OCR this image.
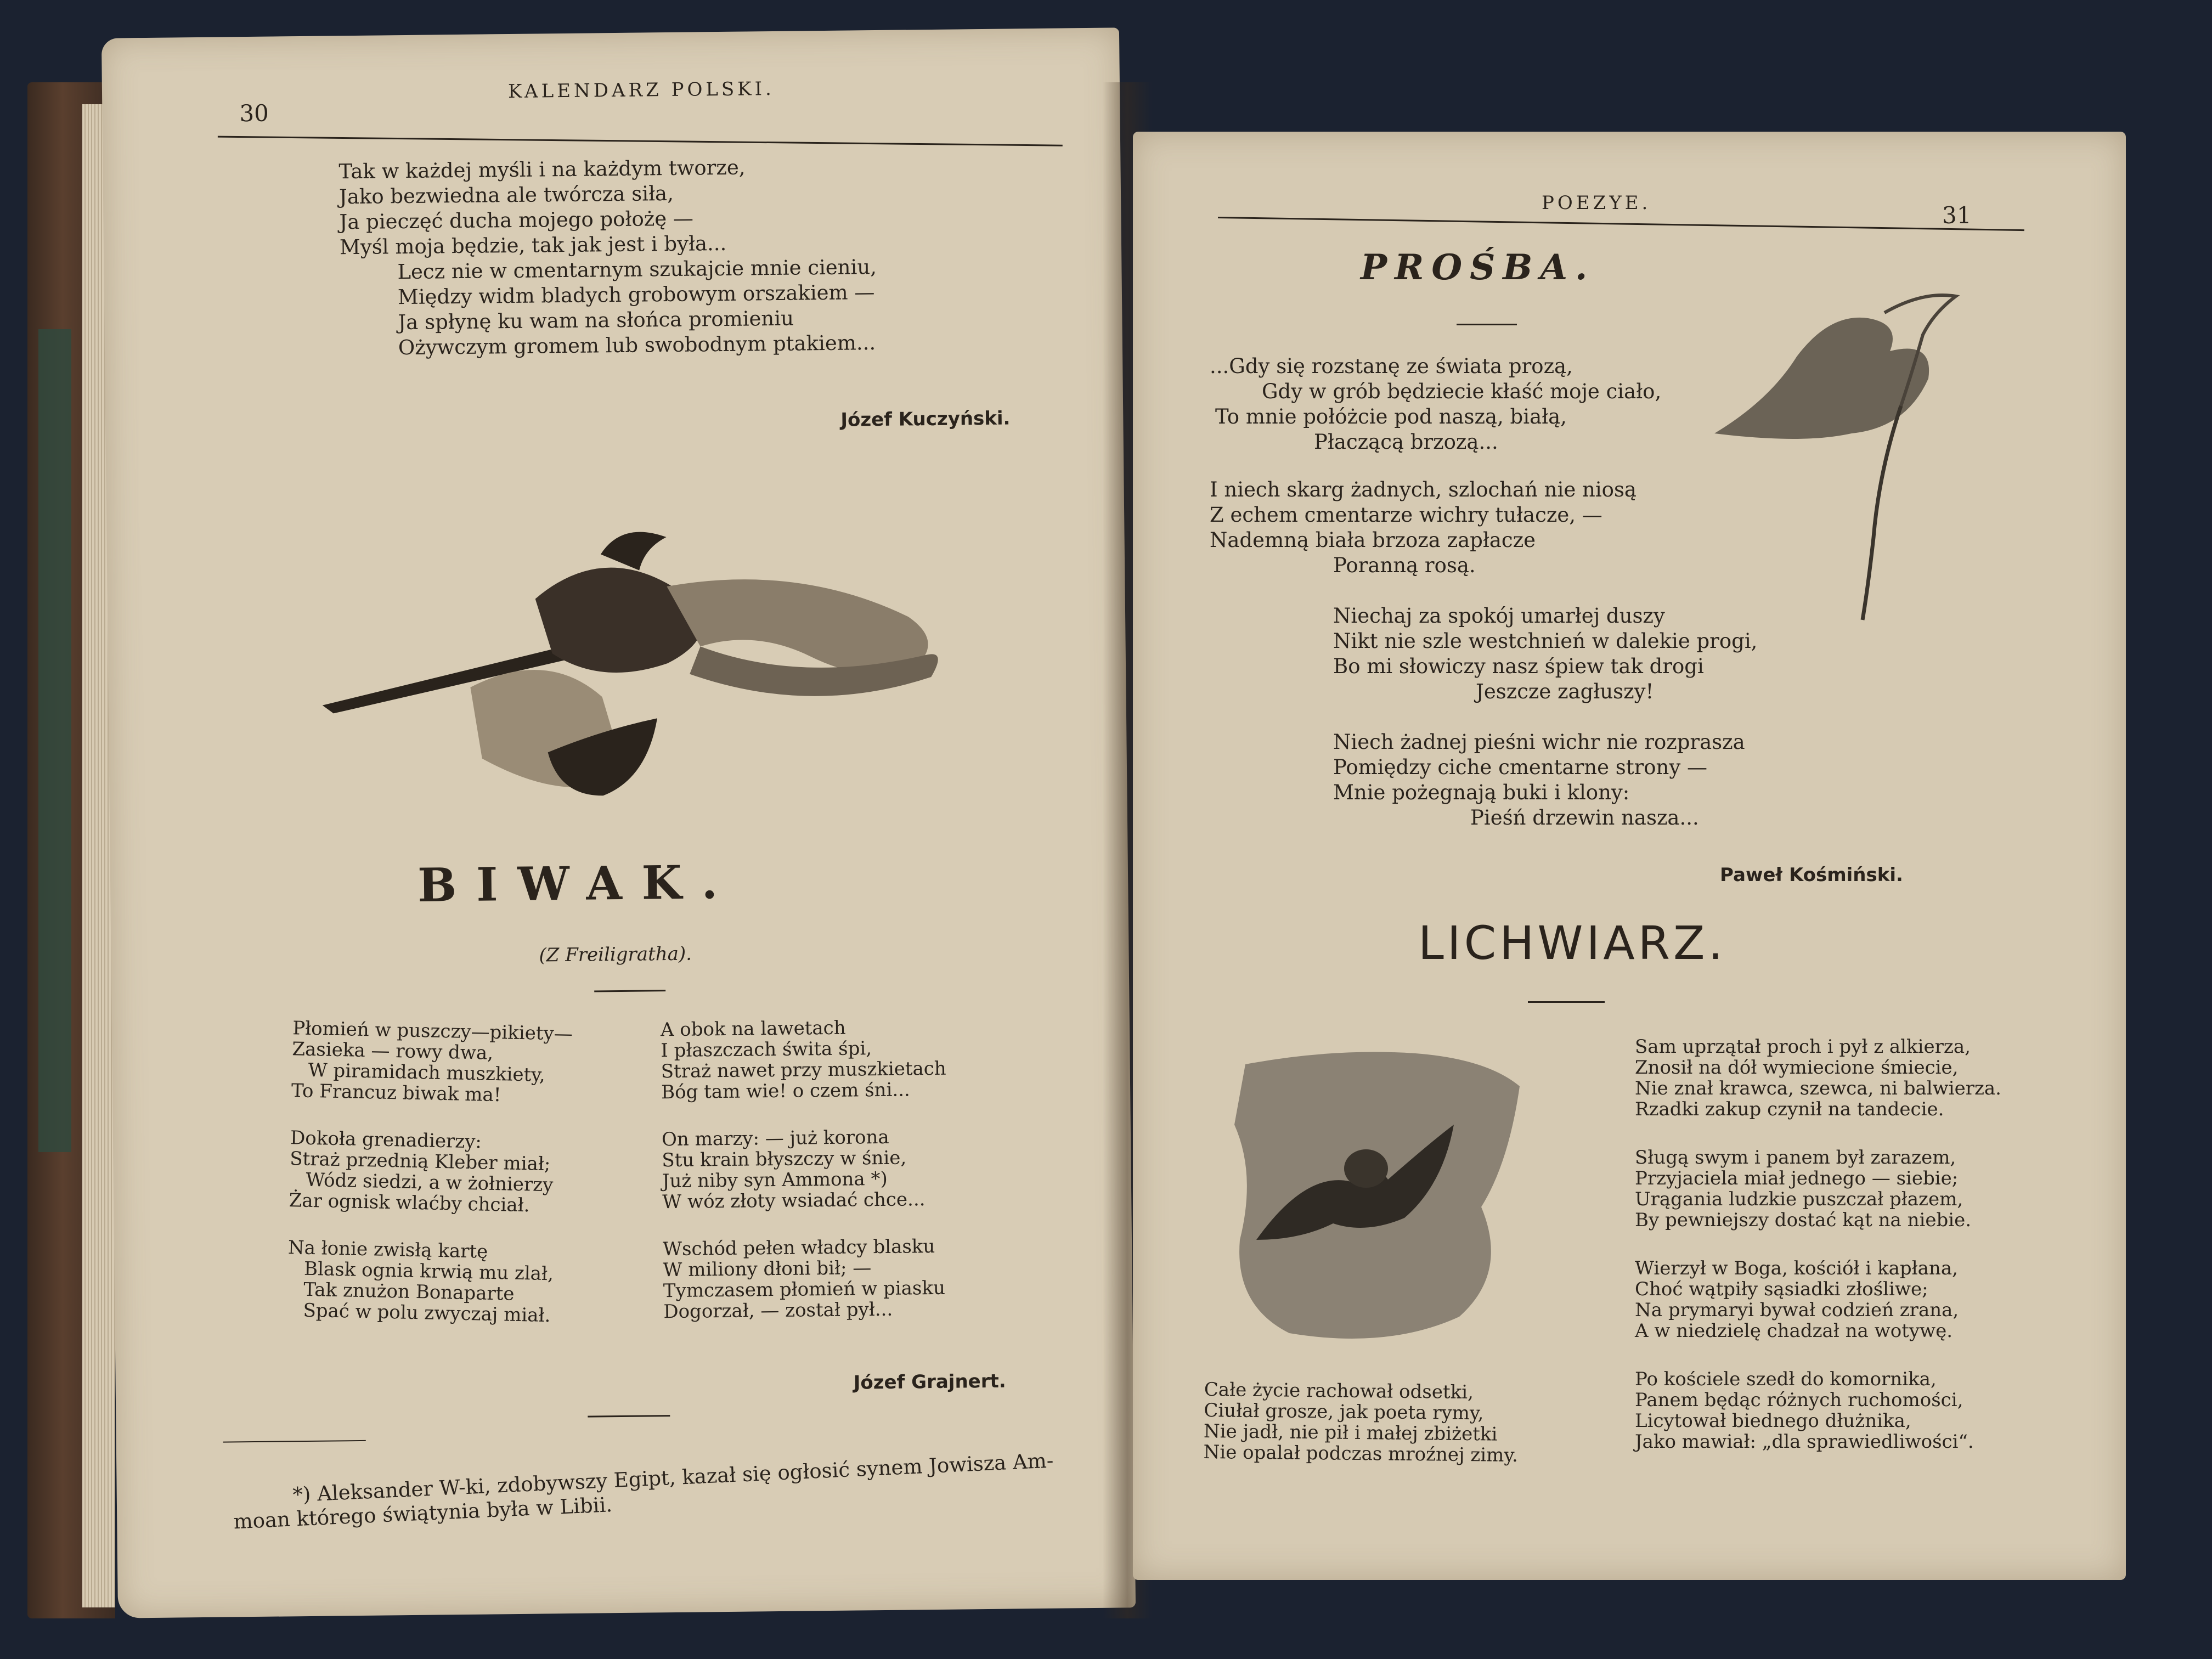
30
KALENDARZ POLSKI.
Tak w każdej myśli i na każdym tworze,
Jako bezwiedna ale twórcza siła,
Ja pieczęć ducha mojego położę —
Myśl moja będzie, tak jak jest i była...
Lecz nie w cmentarnym szukajcie mnie cieniu,
Między widm bladych grobowym orszakiem —
Ja spłynę ku wam na słońca promieniu
Ożywczym gromem lub swobodnym ptakiem...
Józef Kuczyński.
BIWAK.
(Z Freiligratha).
Płomień w puszczy—pikiety—
Zasieka — rowy dwa,
W piramidach muszkiety,
To Francuz biwak ma!
Dokoła grenadierzy:
Straż przednią Kleber miał;
Wódz siedzi, a w żołnierzy
Żar ognisk wlaćby chciał.
Na łonie zwisłą kartę
Blask ognia krwią mu zlał,
Tak znużon Bonaparte
Spać w polu zwyczaj miał.
A obok na lawetach
I płaszczach świta śpi,
Straż nawet przy muszkietach
Bóg tam wie! o czem śni...
On marzy: — już korona
Stu krain błyszczy w śnie,
Już niby syn Ammona *)
W wóz złoty wsiadać chce...
Wschód pełen władcy blasku
W miliony dłoni bił; —
Tymczasem płomień w piasku
Dogorzał, — został pył...
Józef Grajnert.
*) Aleksander W-ki, zdobywszy Egipt, kazał się ogłosić synem Jowisza Am-
moan którego świątynia była w Libii.
POEZYE.	31
PROŚBA.
...Gdy się rozstanę ze świata prozą,
Gdy w grób będziecie kłaść moje ciało,
To mnie połóżcie pod naszą, białą,
Płaczącą brzozą...
I niech skarg żadnych, szlochań nie niosą
Z echem cmentarze wichry tułacze, —
Nademną biała brzoza zapłacze
Poranną rosą.
Niechaj za spokój umarłej duszy
Nikt nie szle westchnień w dalekie progi,
Bo mi słowiczy nasz śpiew tak drogi
Jeszcze zagłuszy!
Niech żadnej pieśni wichr nie rozprasza
Pomiędzy ciche cmentarne strony —
Mnie pożegnają buki i klony:
Pieśń drzewin nasza...
Paweł Kośmiński.
LICHWIARZ.
Całe życie rachował odsetki,
Ciułał grosze, jak poeta rymy,
Nie jadł, nie pił i małej zbiżetki
Nie opalał podczas mroźnej zimy.
Sam uprzątał proch i pył z alkierza,
Znosił na dół wymiecione śmiecie,
Nie znał krawca, szewca, ni balwierza.
Rzadki zakup czynił na tandecie.
Sługą swym i panem był zarazem,
Przyjaciela miał jednego — siebie;
Urągania ludzkie puszczał płazem,
By pewniejszy dostać kąt na niebie.
Wierzył w Boga, kościół i kapłana,
Choć wątpiły sąsiadki złośliwe;
Na prymaryi bywał codzień zrana,
A w niedzielę chadzał na wotywę.
Po kościele szedł do komornika,
Panem będąc różnych ruchomości,
Licytował biednego dłużnika,
Jako mawiał: „dla sprawiedliwości“.
